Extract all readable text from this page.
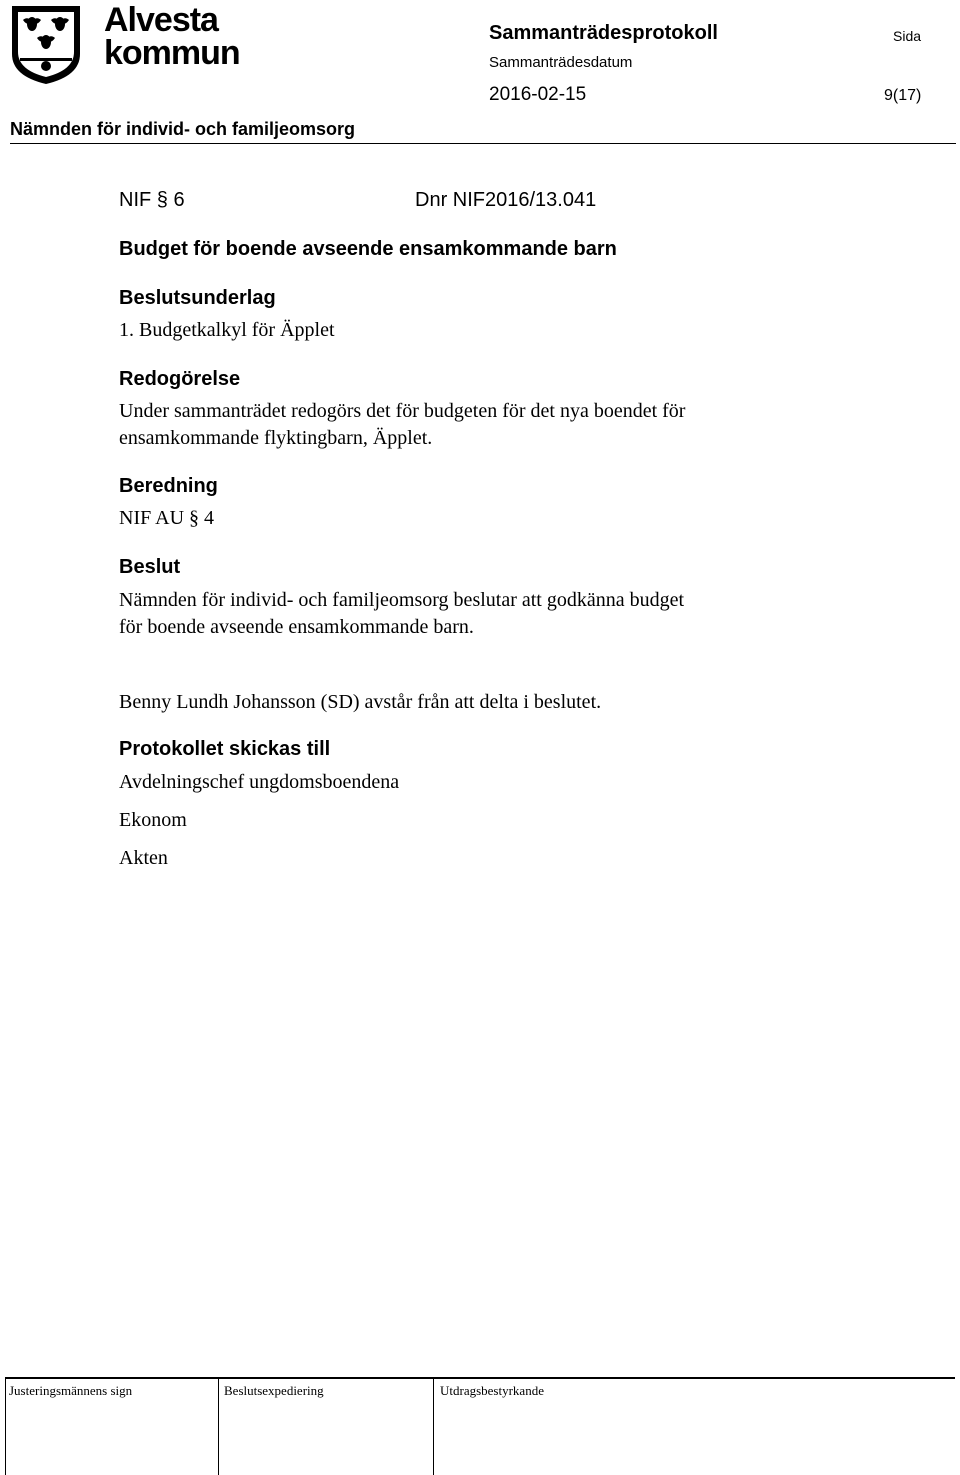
Alvesta
kommun
Sammanträdesprotokoll	Sida
Sammanträdesdatum
2016-02-15	9(17)
Nämnden för individ- och familjeomsorg
NIF § 6	Dnr NIF2016/13.041
Budget för boende avseende ensamkommande barn
Beslutsunderlag
1. Budgetkalkyl för Äpplet
Redogörelse
Under sammanträdet redogörs det för budgeten för det nya boendet för
ensamkommande flyktingbarn, Äpplet.
Beredning
NIF AU § 4
Beslut
Nämnden för individ- och familjeomsorg beslutar att godkänna budget
för boende avseende ensamkommande barn.
Benny Lundh Johansson (SD) avstår från att delta i beslutet.
Protokollet skickas till
Avdelningschef ungdomsboendena
Ekonom
Akten
Justeringsmännens sign	Beslutsexpediering	Utdragsbestyrkande
